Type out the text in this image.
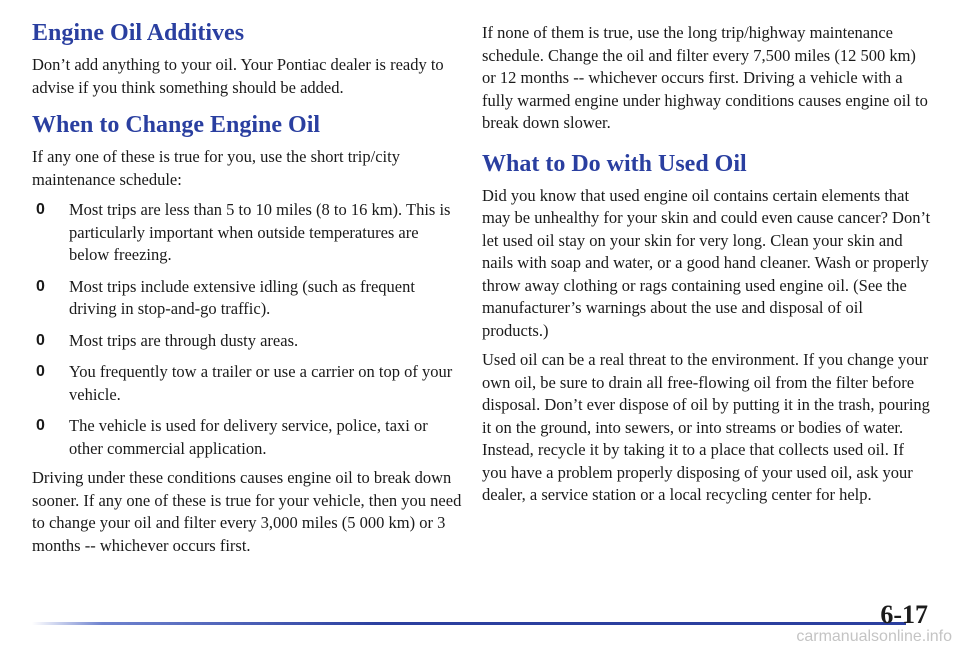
Engine Oil Additives

Don’t add anything to your oil. Your Pontiac dealer is ready to advise if you think something should be added.

When to Change Engine Oil

If any one of these is true for you, use the short trip/city maintenance schedule:

0 Most trips are less than 5 to 10 miles (8 to 16 km). This is particularly important when outside temperatures are below freezing.
0 Most trips include extensive idling (such as frequent driving in stop-and-go traffic).
0 Most trips are through dusty areas.
0 You frequently tow a trailer or use a carrier on top of your vehicle.
0 The vehicle is used for delivery service, police, taxi or other commercial application.

Driving under these conditions causes engine oil to break down sooner. If any one of these is true for your vehicle, then you need to change your oil and filter every 3,000 miles (5 000 km) or 3 months -- whichever occurs first.

If none of them is true, use the long trip/highway maintenance schedule. Change the oil and filter every 7,500 miles (12 500 km) or 12 months -- whichever occurs first. Driving a vehicle with a fully warmed engine under highway conditions causes engine oil to break down slower.

What to Do with Used Oil

Did you know that used engine oil contains certain elements that may be unhealthy for your skin and could even cause cancer? Don’t let used oil stay on your skin for very long. Clean your skin and nails with soap and water, or a good hand cleaner. Wash or properly throw away clothing or rags containing used engine oil. (See the manufacturer’s warnings about the use and disposal of oil products.)

Used oil can be a real threat to the environment. If you change your own oil, be sure to drain all free-flowing oil from the filter before disposal. Don’t ever dispose of oil by putting it in the trash, pouring it on the ground, into sewers, or into streams or bodies of water. Instead, recycle it by taking it to a place that collects used oil. If you have a problem properly disposing of your used oil, ask your dealer, a service station or a local recycling center for help.

6-17
carmanualsonline.info
